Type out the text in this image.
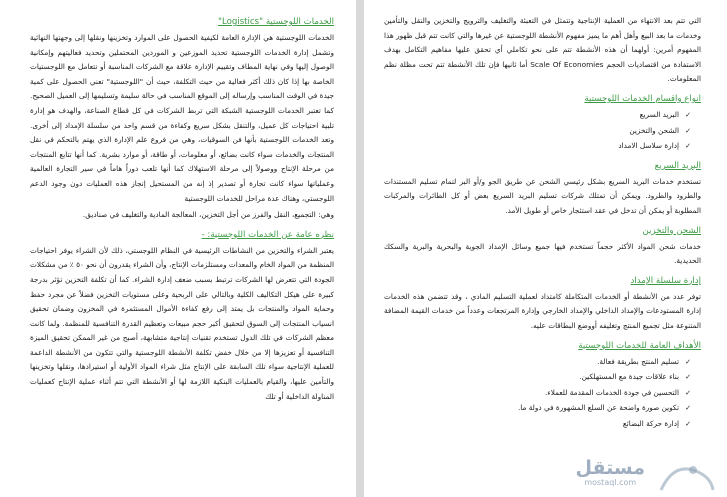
الخدمات اللوجستية "Logistics"

الخدمات اللوجستية هي الإدارة العامة لكيفية الحصول على الموارد وتخزينها ونقلها إلى وجهتها النهائية وتشمل إدارة الخدمات اللوجستية تحديد الموزعين و الموردين المحتملين وتحديد فعاليتهم وإمكانية الوصول إليها وفي نهاية المطاف وتقييم الإدارة علاقة مع الشركات المناسبة أو تتعامل مع اللوجستيات الخاصة بها إذا كان ذلك أكثر فعالية من حيث التكلفة، حيث أن "اللوجستية" تعني الحصول على كمية جيدة في الوقت المناسب وإرساله إلى الموقع المناسب في حالة سليمة وتسليمها إلى العميل الصحيح. كما تعتبر الخدمات اللوجستية الشبكة التي تربط الشركات في كل قطاع الصناعة، والهدف هو إدارة تلبية احتياجات كل عميل، والتنقل بشكل سريع وكفاءة من قسم واحد من سلسلة الإمداد إلى أخرى. وتعد الخدمات اللوجستية بأنها فن السوقيات، وهي من فروع علم الإدارة الذي يهتم بالتحكم في نقل المنتجات والخدمات سواء كانت بضائع، أو معلومات، أو طاقة، أو موارد بشرية. كما أنها تتابع المنتجات من مرحلة الإنتاج ووصولاً إلى مرحلة الاستهلاك كما أنها تلعب دوراً هاماً في سير التجارة العالمية وعملياتها سواء كانت تجارة أو تصدير إذ إنه من المستحيل إنجاز هذه العمليات دون وجود الدعم اللوجستي، وهناك عدة مراحل للخدمات اللوجستية

وهي: التجميع، النقل والفرز من أجل التخزين، المعالجة المادية والتغليف في صناديق.

نظره عامة عن الخدمات اللوجستية: -

يعتبر الشراء والتخزين من النشاطات الرئيسية في النظام اللوجستي، ذلك لأن الشراء يوفر احتياجات المنظمة من المواد الخام والمعدات ومستلزمات الإنتاج، وأن الشراء يقدرون أن نحو ٥٠ ٪ من مشكلات الجودة التي تتعرض لها الشركات ترتبط بسبب ضعف إدارة الشراء. كما أن تكلفة التخزين تؤثر بدرجة كبيرة على هيكل التكاليف الكلية وبالتالي على الربحية وعلى مستويات التخزين فضلاً عن مجرد حفظ وحماية المواد والمنتجات بل يمتد إلى رفع كفاءة الأموال المستثمرة في المخزون وضمان تحقيق انسياب المنتجات إلى السوق لتحقيق أكبر حجم مبيعات وتعظيم القدرة التنافسية للمنظمة. ولما كانت معظم الشركات في تلك الدول تستخدم تقنيات إنتاجية متشابهة، أصبح من غير الممكن تحقيق الميزة التنافسية أو تعزيزها إلا من خلال خفض تكلفة الأنشطة اللوجستية والتي تتكون من الأنشطة الداعمة للعملية الإنتاجية سواء تلك السابقة على الإنتاج مثل شراء المواد الأولية أو استيرادها، ونقلها وتخزينها والتأمين عليها، والقيام بالعمليات البنكية اللازمة لها أو الأنشطة التي تتم أثناء عملية الإنتاج كعمليات المناولة الداخلية أو تلك

التي تتم بعد الانتهاء من العملية الإنتاجية وتتمثل في التعبئة والتغليف والترويج والتخزين والنقل والتأمين وخدمات ما بعد البيع وأهل أهم ما يميز مفهوم الأنشطة اللوجستية عن غيرها والتي كانت تتم قبل ظهور هذا المفهوم أمرين: أولهما أن هذه الأنشطة تتم على نحو تكاملي أي تحقق عليها مفاهيم التكامل بهدف الاستفادة من اقتصاديات الحجم Scale Of Economies أما ثانيها فإن تلك الأنشطة تتم تحت مظلة نظم المعلومات.

انواع واقسام الخدمات اللوجستية
✓ البريد السريع
✓ الشحن والتخزين
✓ إدارة سلاسل الامداد
البريد السريع

تستخدم خدمات البريد السريع بشكل رئيسي الشحن عن طريق الجو و/أو البر لتمام تسليم المستندات والطرود والطرود. ويمكن أن تمتلك شركات تسليم البريد السريع بعض أو كل الطائرات والمركبات المطلوبة أو يمكن أن تدخل في عقد استئجار خاص أو طويل الأمد.

الشحن والتخزين

خدمات شحن المواد الأكثر حجماً تستخدم فيها جميع وسائل الإمداد الجوية والبحرية والبرية والسكك الحديدية.

إدارة سلسلة الإمداد

توفر عدد من الأنشطة أو الخدمات المتكاملة كامتداد لعملية التسليم المادي ، وقد تتضمن هذه الخدمات إدارة المستودعات والإمداد الداخلي والإمداد الخارجي وإدارة المرتجعات وعدداً من خدمات القيمة المضافة المتنوعة مثل تجميع المنتج وتغليفه أووضع البطاقات عليه.

الأهداف العامة للخدمات اللوجستية
✓ تسليم المنتج بطريقة فعالة.
✓ بناء علاقات جيدة مع المستهلكين.
✓ التحسين في جودة الخدمات المقدمة للعملاء.
✓ تكوين صورة واضحة عن السلع المشهورة في دولة ما.
✓ إدارة حركة البضائع
مستقل
mostaql.com
